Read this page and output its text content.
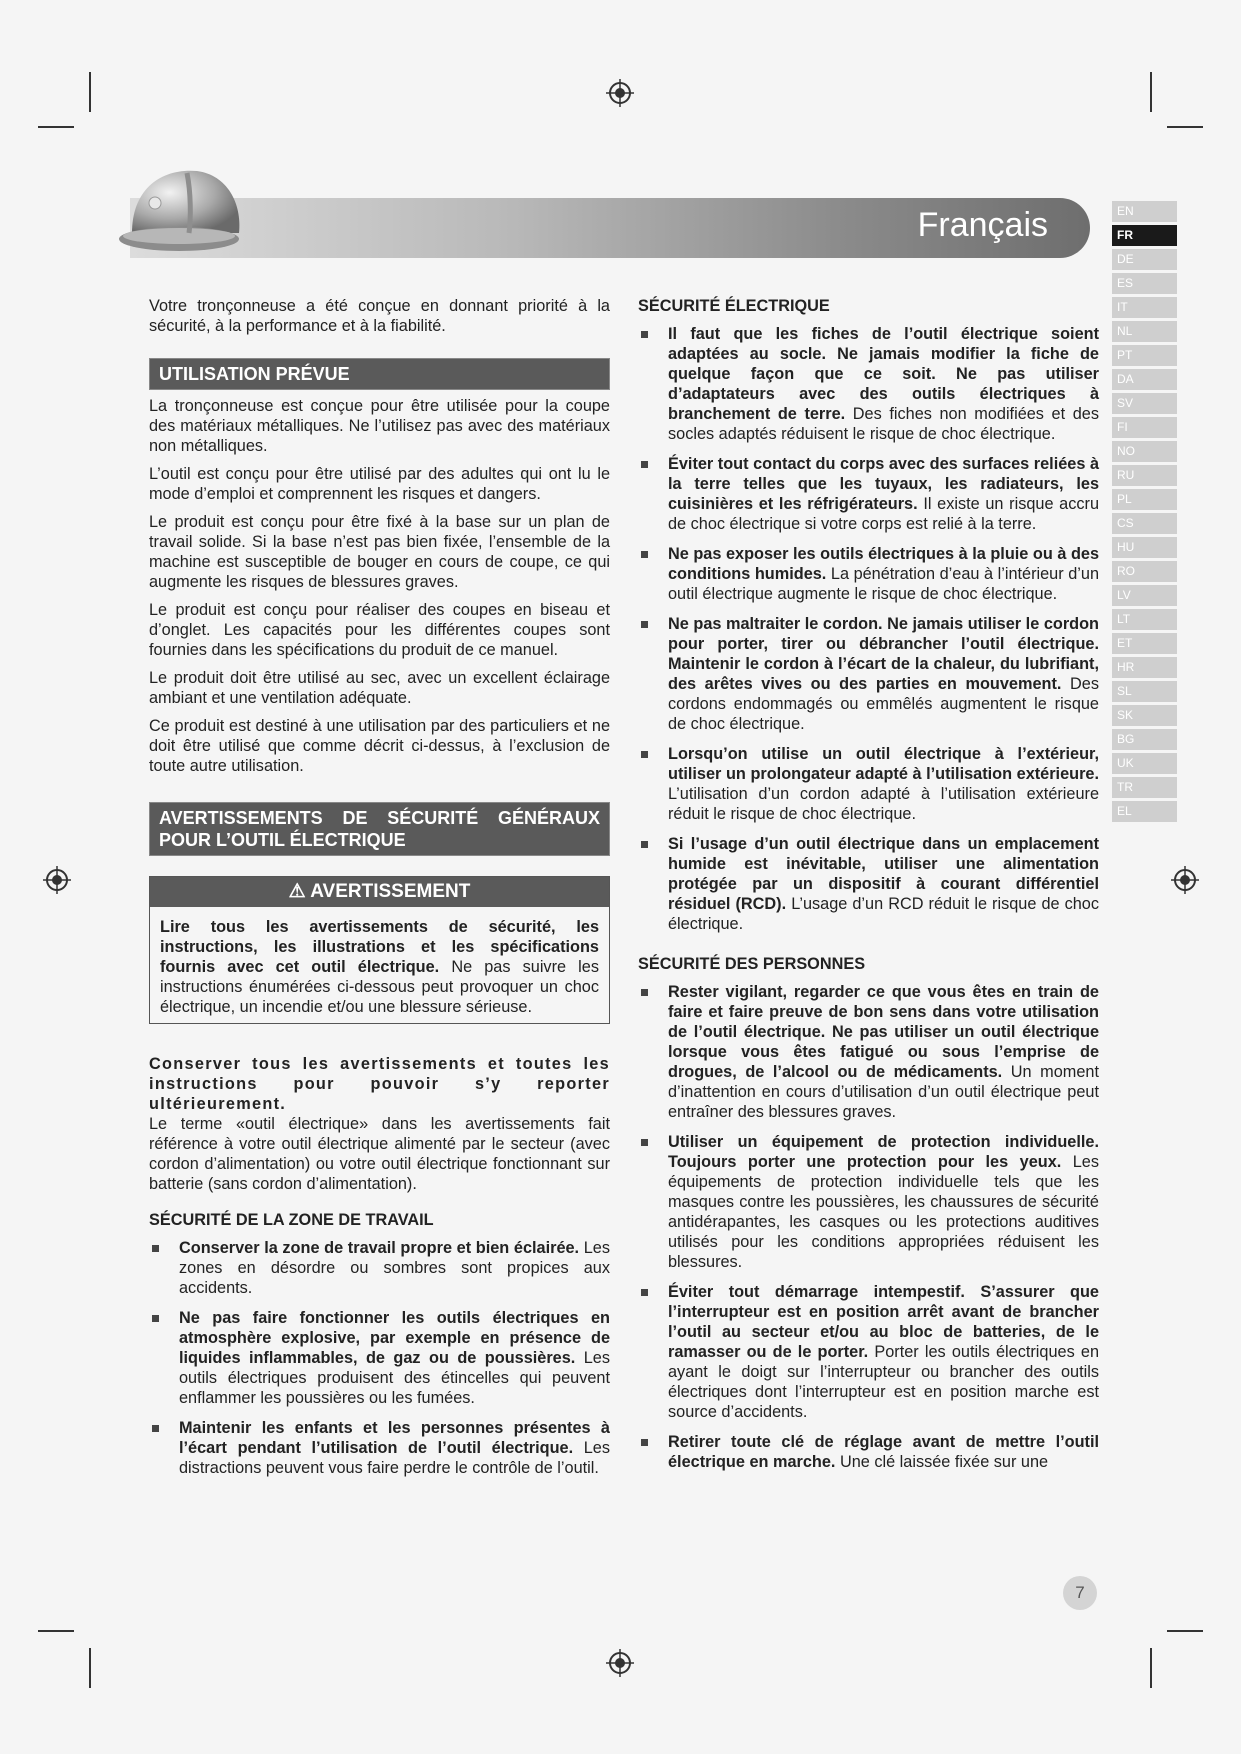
Français	EN
FR
DE
ES
IT
NL
PT
DA
SV
FI
NO
RU
PL
CS
HU
RO
LV
LT
ET
HR
SL
SK
BG
UK
TR
EL

Votre tronçonneuse a été conçue en donnant priorité à la sécurité, à la performance et à la fiabilité.

UTILISATION PRÉVUE

La tronçonneuse est conçue pour être utilisée pour la coupe des matériaux métalliques. Ne l’utilisez pas avec des matériaux non métalliques.

L’outil est conçu pour être utilisé par des adultes qui ont lu le mode d’emploi et comprennent les risques et dangers.

Le produit est conçu pour être fixé à la base sur un plan de travail solide. Si la base n’est pas bien fixée, l’ensemble de la machine est susceptible de bouger en cours de coupe, ce qui augmente les risques de blessures graves.

Le produit est conçu pour réaliser des coupes en biseau et d’onglet. Les capacités pour les différentes coupes sont fournies dans les spécifications du produit de ce manuel.

Le produit doit être utilisé au sec, avec un excellent éclairage ambiant et une ventilation adéquate.

Ce produit est destiné à une utilisation par des particuliers et ne doit être utilisé que comme décrit ci-dessus, à l’exclusion de toute autre utilisation.

AVERTISSEMENTS DE SÉCURITÉ GÉNÉRAUX POUR L’OUTIL ÉLECTRIQUE
⚠ AVERTISSEMENT
Lire tous les avertissements de sécurité, les instructions, les illustrations et les spécifications fournis avec cet outil électrique. Ne pas suivre les instructions énumérées ci-dessous peut provoquer un choc électrique, un incendie et/ou une blessure sérieuse.

Conserver tous les avertissements et toutes les instructions pour pouvoir s’y reporter ultérieurement.

Le terme «outil électrique» dans les avertissements fait référence à votre outil électrique alimenté par le secteur (avec cordon d’alimentation) ou votre outil électrique fonctionnant sur batterie (sans cordon d’alimentation).

SÉCURITÉ DE LA ZONE DE TRAVAIL
Conserver la zone de travail propre et bien éclairée. Les zones en désordre ou sombres sont propices aux accidents.
Ne pas faire fonctionner les outils électriques en atmosphère explosive, par exemple en présence de liquides inflammables, de gaz ou de poussières. Les outils électriques produisent des étincelles qui peuvent enflammer les poussières ou les fumées.
Maintenir les enfants et les personnes présentes à l’écart pendant l’utilisation de l’outil électrique. Les distractions peuvent vous faire perdre le contrôle de l’outil.
SÉCURITÉ ÉLECTRIQUE
Il faut que les fiches de l’outil électrique soient adaptées au socle. Ne jamais modifier la fiche de quelque façon que ce soit. Ne pas utiliser d’adaptateurs avec des outils électriques à branchement de terre. Des fiches non modifiées et des socles adaptés réduisent le risque de choc électrique.
Éviter tout contact du corps avec des surfaces reliées à la terre telles que les tuyaux, les radiateurs, les cuisinières et les réfrigérateurs. Il existe un risque accru de choc électrique si votre corps est relié à la terre.
Ne pas exposer les outils électriques à la pluie ou à des conditions humides. La pénétration d’eau à l’intérieur d’un outil électrique augmente le risque de choc électrique.
Ne pas maltraiter le cordon. Ne jamais utiliser le cordon pour porter, tirer ou débrancher l’outil électrique. Maintenir le cordon à l’écart de la chaleur, du lubrifiant, des arêtes vives ou des parties en mouvement. Des cordons endommagés ou emmêlés augmentent le risque de choc électrique.
Lorsqu’on utilise un outil électrique à l’extérieur, utiliser un prolongateur adapté à l’utilisation extérieure. L’utilisation d’un cordon adapté à l’utilisation extérieure réduit le risque de choc électrique.
Si l’usage d’un outil électrique dans un emplacement humide est inévitable, utiliser une alimentation protégée par un dispositif à courant différentiel résiduel (RCD). L’usage d’un RCD réduit le risque de choc électrique.
SÉCURITÉ DES PERSONNES
Rester vigilant, regarder ce que vous êtes en train de faire et faire preuve de bon sens dans votre utilisation de l’outil électrique. Ne pas utiliser un outil électrique lorsque vous êtes fatigué ou sous l’emprise de drogues, de l’alcool ou de médicaments. Un moment d’inattention en cours d’utilisation d’un outil électrique peut entraîner des blessures graves.
Utiliser un équipement de protection individuelle. Toujours porter une protection pour les yeux. Les équipements de protection individuelle tels que les masques contre les poussières, les chaussures de sécurité antidérapantes, les casques ou les protections auditives utilisés pour les conditions appropriées réduisent les blessures.
Éviter tout démarrage intempestif. S’assurer que l’interrupteur est en position arrêt avant de brancher l’outil au secteur et/ou au bloc de batteries, de le ramasser ou de le porter. Porter les outils électriques en ayant le doigt sur l’interrupteur ou brancher des outils électriques dont l’interrupteur est en position marche est source d’accidents.
Retirer toute clé de réglage avant de mettre l’outil électrique en marche. Une clé laissée fixée sur une
7
